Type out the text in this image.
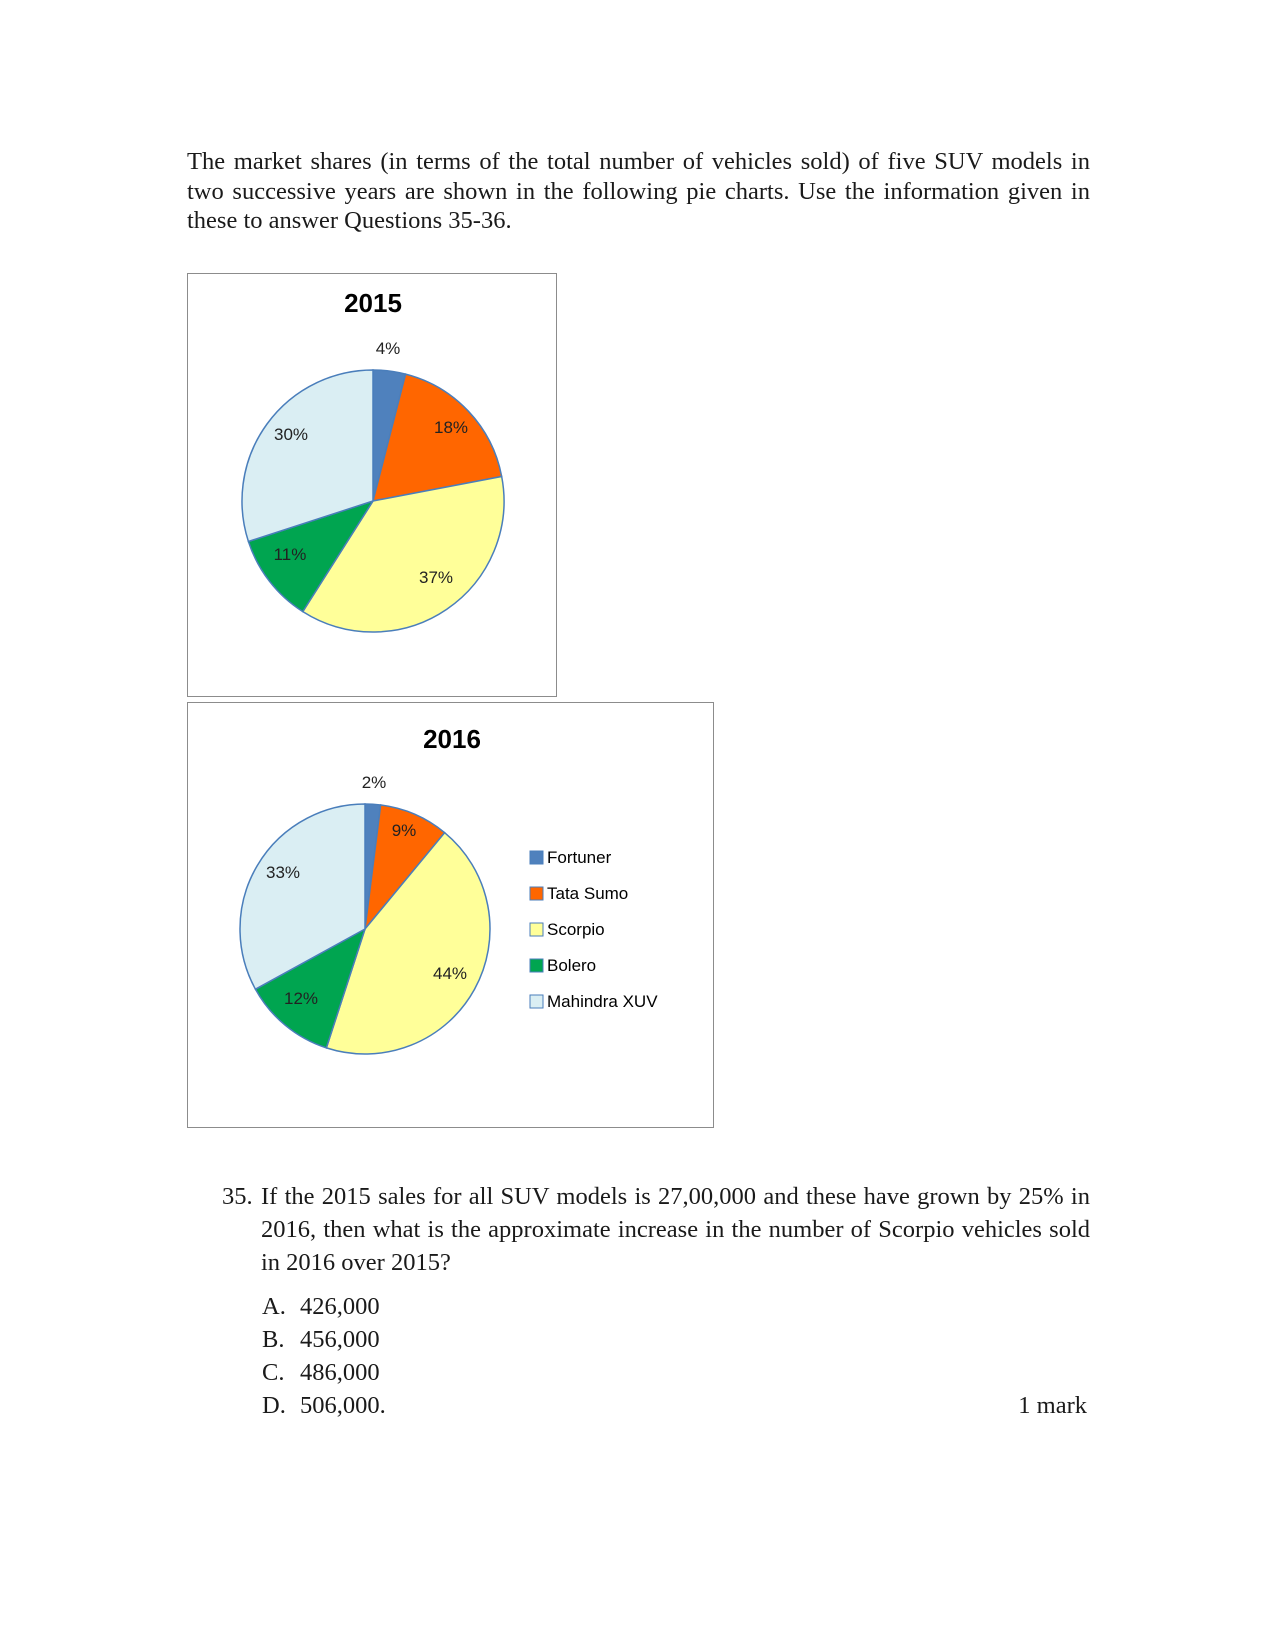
The market shares (in terms of the total number of vehicles sold) of five SUV models in two successive years are shown in the following pie charts. Use the information given in these to answer Questions 35-36.

2015
4%
18%
37%
11%
30%
2016
2%
9%
44%
12%
33%
Fortuner
Tata Sumo
Scorpio
Bolero
Mahindra XUV
35. If the 2015 sales for all SUV models is 27,00,000 and these have grown by 25% in 2016, then what is the approximate increase in the number of Scorpio vehicles sold in 2016 over 2015?
A. 426,000
B. 456,000
C. 486,000
D. 506,000.	1 mark
